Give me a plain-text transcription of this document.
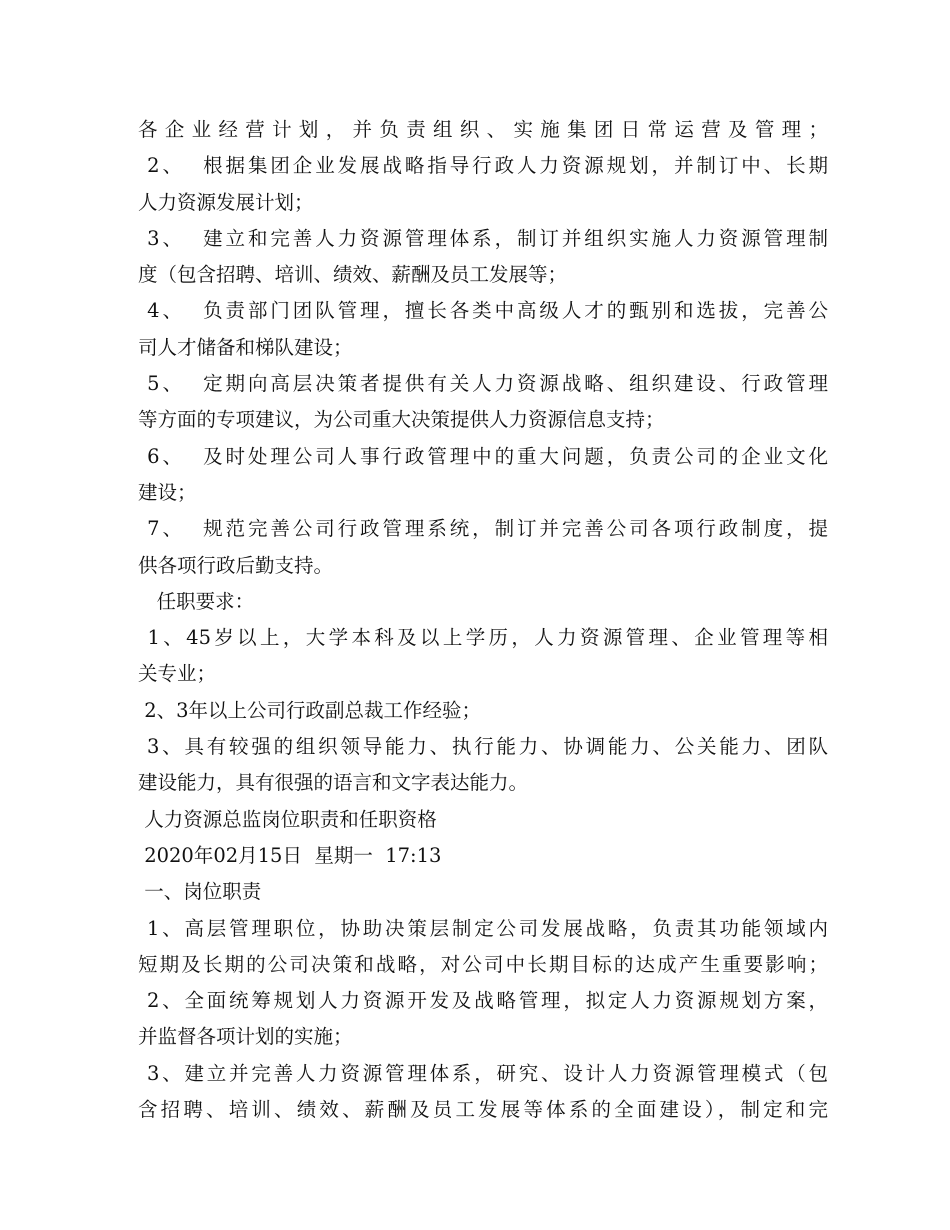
各企业经营计划，并负责组织、实施集团日常运营及管理；
2、  根据集团企业发展战略指导行政人力资源规划，并制订中、长期
人力资源发展计划；
3、  建立和完善人力资源管理体系，制订并组织实施人力资源管理制
度（包含招聘、培训、绩效、薪酬及员工发展等；
4、  负责部门团队管理，擅长各类中高级人才的甄别和选拔，完善公
司人才储备和梯队建设；
5、  定期向高层决策者提供有关人力资源战略、组织建设、行政管理
等方面的专项建议，为公司重大决策提供人力资源信息支持；
6、  及时处理公司人事行政管理中的重大问题，负责公司的企业文化
建设；
7、  规范完善公司行政管理系统，制订并完善公司各项行政制度，提
供各项行政后勤支持。
任职要求：
1、45岁以上，大学本科及以上学历，人力资源管理、企业管理等相
关专业；
2、3年以上公司行政副总裁工作经验；
3、具有较强的组织领导能力、执行能力、协调能力、公关能力、团队
建设能力，具有很强的语言和文字表达能力。
人力资源总监岗位职责和任职资格
2020年02月15日  星期一  17:13
一、岗位职责
1、高层管理职位，协助决策层制定公司发展战略，负责其功能领域内
短期及长期的公司决策和战略，对公司中长期目标的达成产生重要影响；
2、全面统筹规划人力资源开发及战略管理，拟定人力资源规划方案，
并监督各项计划的实施；
3、建立并完善人力资源管理体系，研究、设计人力资源管理模式（包
含招聘、培训、绩效、薪酬及员工发展等体系的全面建设），制定和完
